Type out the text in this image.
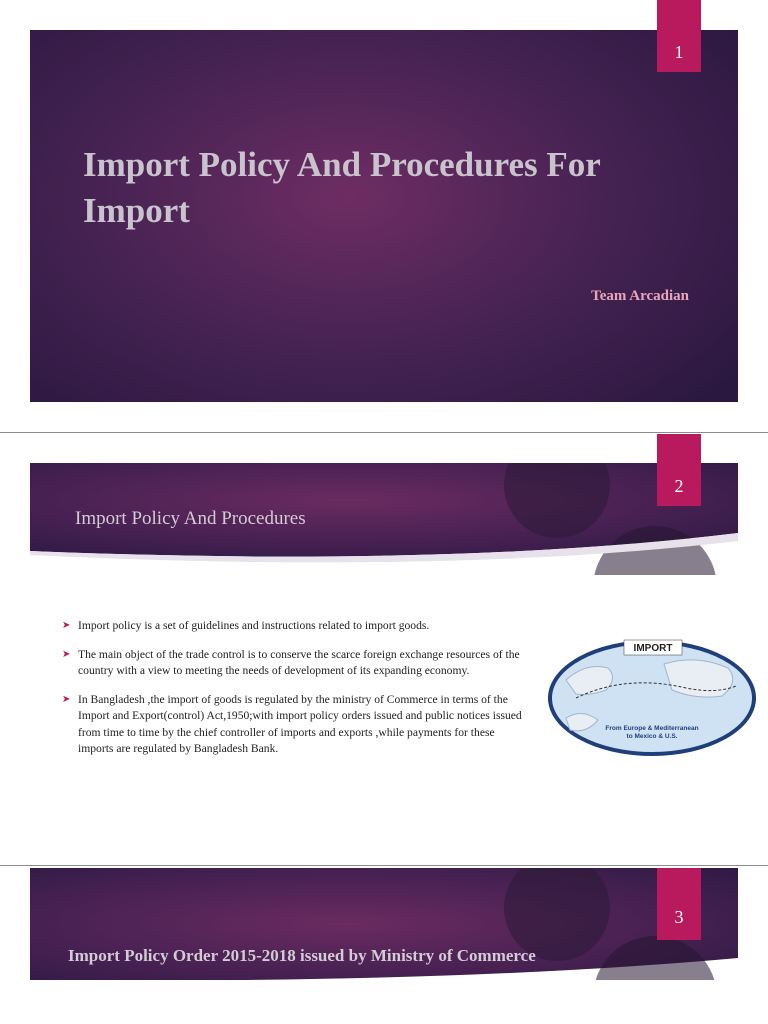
Import Policy And Procedures For Import
Team Arcadian
1
Import Policy And Procedures
2
➤ Import policy is a set of guidelines and instructions related to import goods.
➤ The main object of the trade control is to conserve the scarce foreign exchange resources of the country with a view to meeting the needs of development of its expanding economy.
➤ In Bangladesh ,the import of goods is regulated by the ministry of Commerce in terms of the Import and Export(control) Act,1950;with import policy orders issued and public notices issued from time to time by the chief controller of imports and exports ,while payments for these imports are regulated by Bangladesh Bank.
IMPORT
From Europe & Mediterranean
to Mexico & U.S.
Import Policy Order 2015-2018 issued by Ministry of Commerce
3
